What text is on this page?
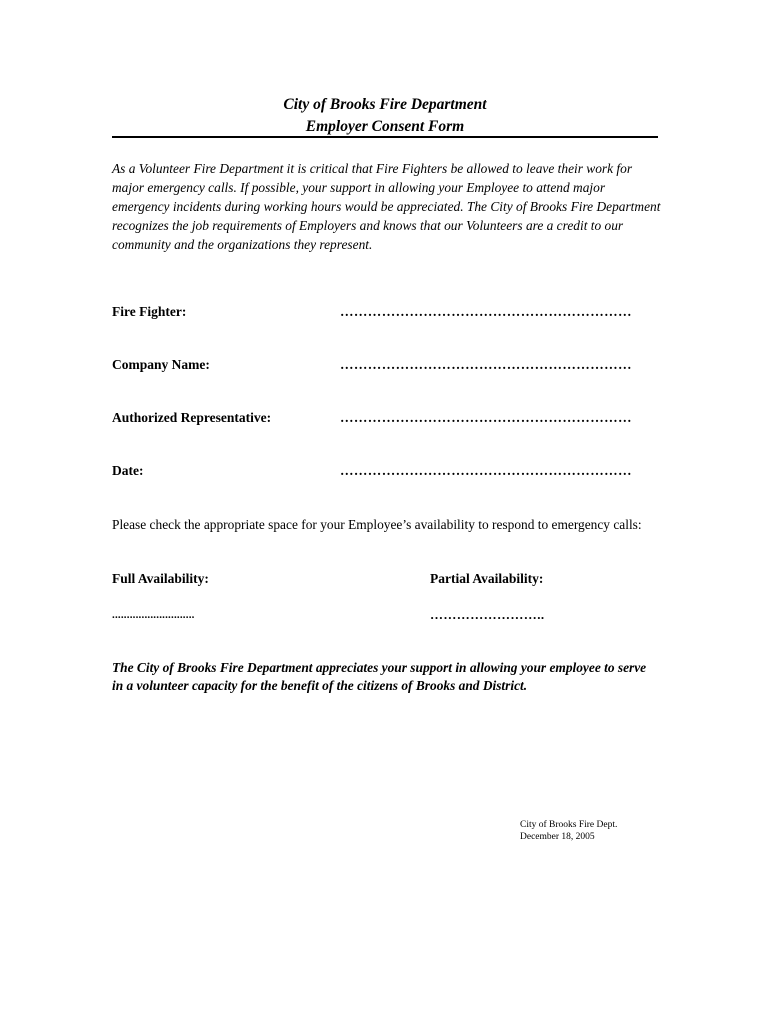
City of Brooks Fire Department
Employer Consent Form

As a Volunteer Fire Department it is critical that Fire Fighters be allowed to leave their work for major emergency calls. If possible, your support in allowing your Employee to attend major emergency incidents during working hours would be appreciated. The City of Brooks Fire Department recognizes the job requirements of Employers and knows that our Volunteers are a credit to our community and the organizations they represent.

Fire Fighter:	………………………………………………………
Company Name:	………………………………………………………
Authorized Representative:	………………………………………………………
Date:	………………………………………………………

Please check the appropriate space for your Employee’s availability to respond to emergency calls:

Full Availability:	Partial Availability:
............................	……………………..

The City of Brooks Fire Department appreciates your support in allowing your employee to serve in a volunteer capacity for the benefit of the citizens of Brooks and District.

City of Brooks Fire Dept.
December 18, 2005
